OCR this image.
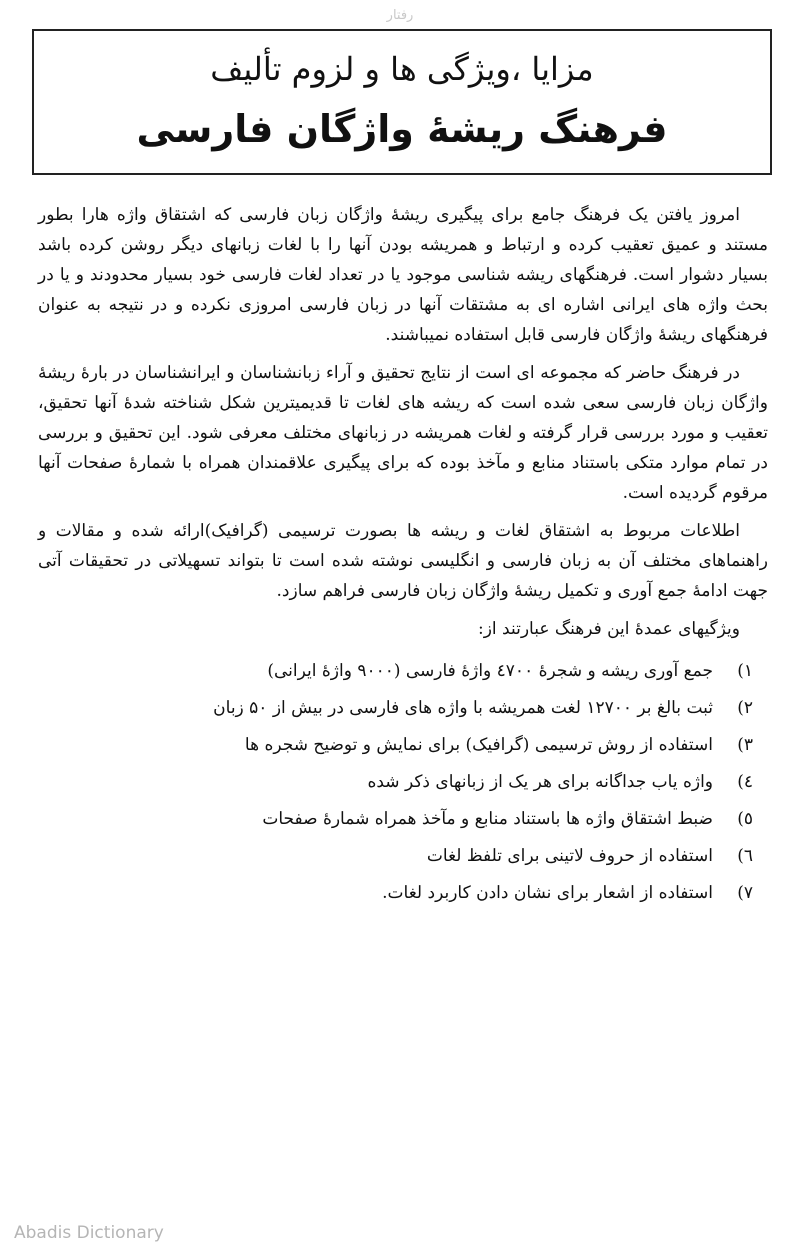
رفتار
مزایا ،ویژگی ها و لزوم تألیف
فرهنگ ریشهٔ واژگان فارسی

امروز یافتن یک فرهنگ جامع برای پیگیری ریشهٔ واژگان زبان فارسی که اشتقاق واژه هارا بطور مستند و عمیق تعقیب کرده و ارتباط و همریشه بودن آنها را با لغات زبانهای دیگر روشن کرده باشد بسیار دشوار است. فرهنگهای ریشه شناسی موجود یا در تعداد لغات فارسی خود بسیار محدودند و یا در بحث واژه های ایرانی اشاره ای به مشتقات آنها در زبان فارسی امروزی نکرده و در نتیجه به عنوان فرهنگهای ریشهٔ واژگان فارسی قابل استفاده نمیباشند.

در فرهنگ حاضر که مجموعه ای است از نتایج تحقیق و آراء زبانشناسان و ایرانشناسان در بارهٔ ریشهٔ واژگان زبان فارسی سعی شده است که ریشه های لغات تا قدیمیترین شکل شناخته شدهٔ آنها تحقیق، تعقیب و مورد بررسی قرار گرفته و لغات همریشه در زبانهای مختلف معرفی شود. این تحقیق و بررسی در تمام موارد متکی باستناد منابع و مآخذ بوده که برای پیگیری علاقمندان همراه با شمارهٔ صفحات آنها مرقوم گردیده است.

اطلاعات مربوط به اشتقاق لغات و ریشه ها بصورت ترسیمی (گرافیک)ارائه شده و مقالات و راهنماهای مختلف آن به زبان فارسی و انگلیسی نوشته شده است تا بتواند تسهیلاتی در تحقیقات آتی جهت ادامهٔ جمع آوری و تکمیل ریشهٔ واژگان زبان فارسی فراهم سازد.

ویژگیهای عمدهٔ این فرهنگ عبارتند از:
۱)
جمع آوری ریشه و شجرهٔ ٤٧٠٠ واژهٔ فارسی (۹۰۰۰ واژهٔ ایرانی)
۲)
ثبت بالغ بر ۱۲۷۰۰ لغت همریشه با واژه های فارسی در بیش از ۵۰ زبان
۳)
استفاده از روش ترسیمی (گرافیک) برای نمایش و توضیح شجره ها
٤)
واژه یاب جداگانه برای هر یک از زبانهای ذکر شده
٥)
ضبط اشتقاق واژه ها باستناد منابع و مآخذ همراه شمارهٔ صفحات
٦)
استفاده از حروف لاتینی برای تلفظ لغات
۷)
استفاده از اشعار برای نشان دادن کاربرد لغات.
Abadis Dictionary
